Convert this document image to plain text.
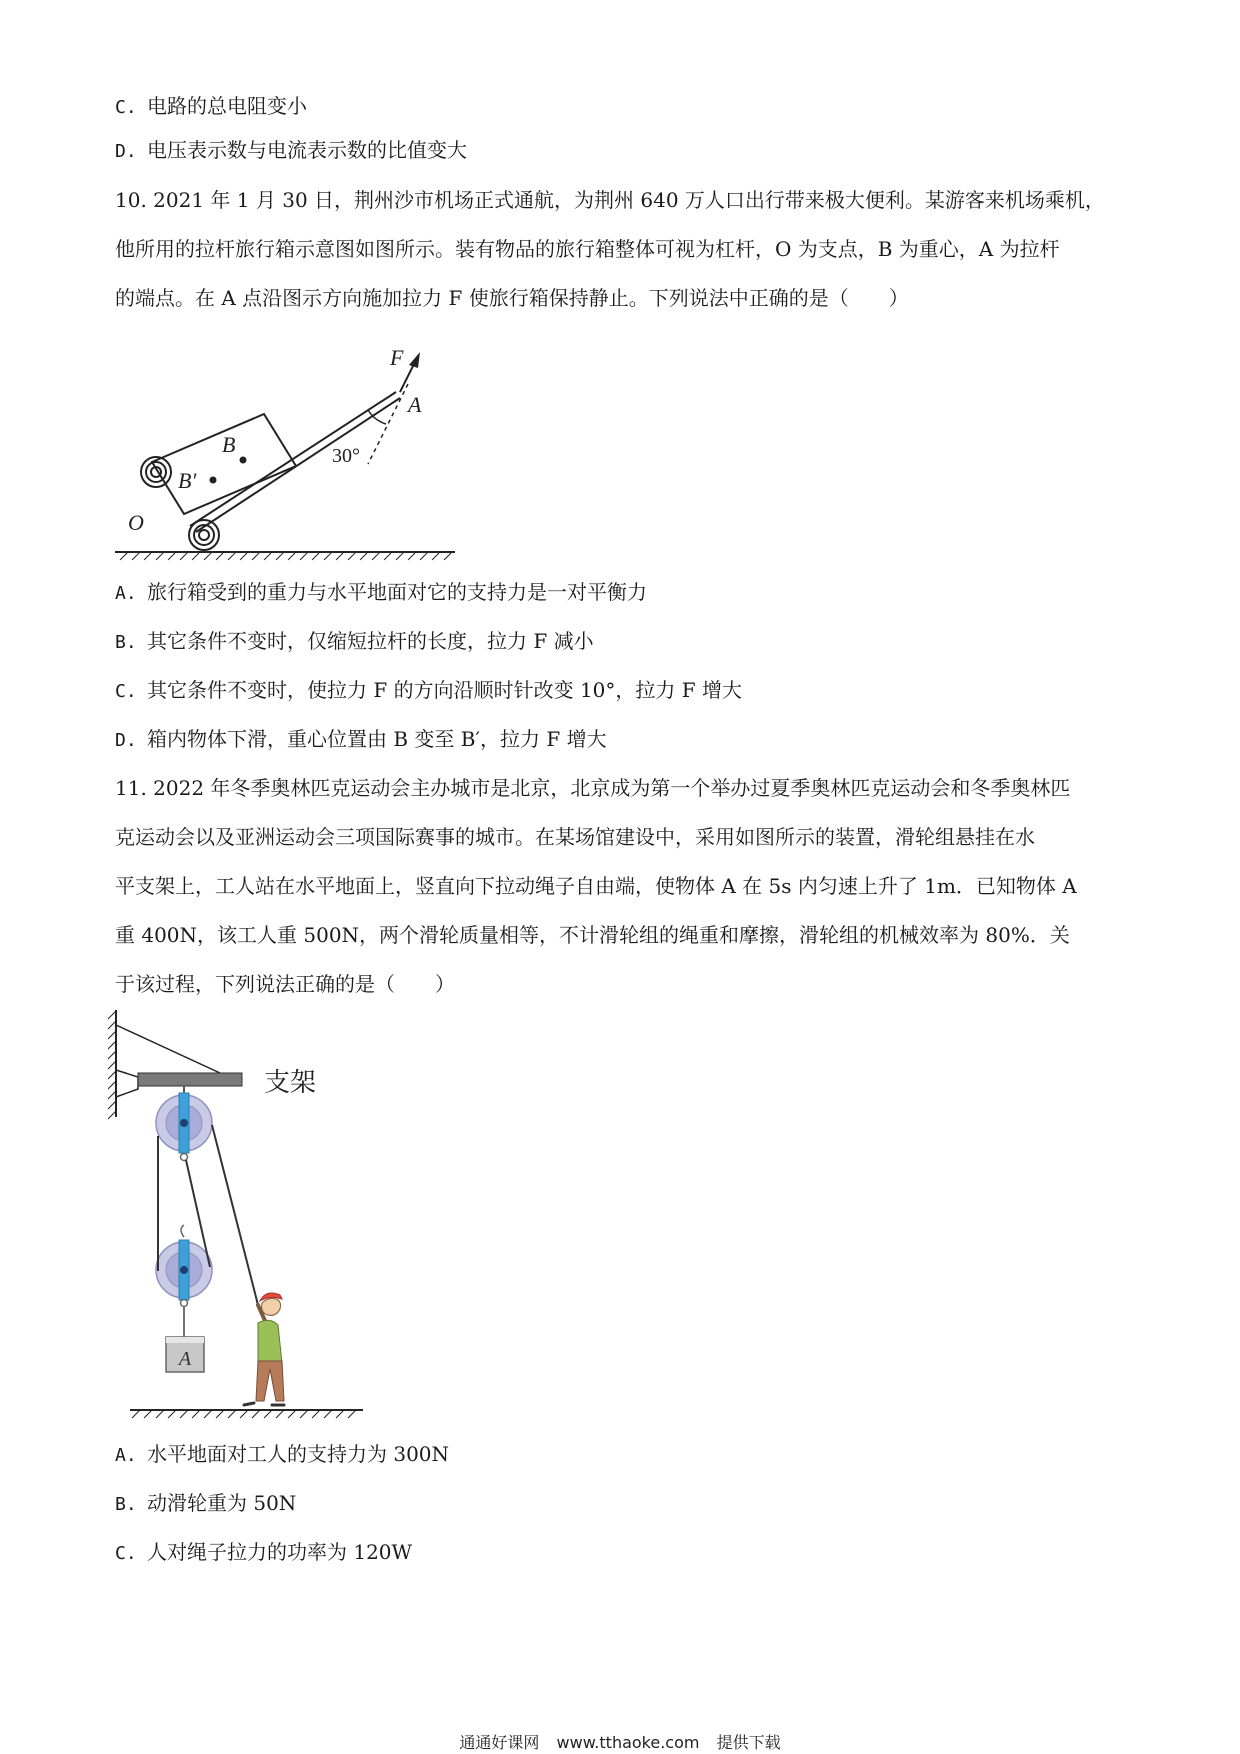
C. 电路的总电阻变小
D. 电压表示数与电流表示数的比值变大

10. 2021 年 1 月 30 日，荆州沙市机场正式通航，为荆州 640 万人口出行带来极大便利。某游客来机场乘机，

他所用的拉杆旅行箱示意图如图所示。装有物品的旅行箱整体可视为杠杆，O 为支点，B 为重心，A 为拉杆

的端点。在 A 点沿图示方向施加拉力 F 使旅行箱保持静止。下列说法中正确的是（　　）

F
A
B
B′
O
30°
A. 旅行箱受到的重力与水平地面对它的支持力是一对平衡力
B. 其它条件不变时，仅缩短拉杆的长度，拉力 F 减小
C. 其它条件不变时，使拉力 F 的方向沿顺时针改变 10°，拉力 F 增大
D. 箱内物体下滑，重心位置由 B 变至 B′，拉力 F 增大

11. 2022 年冬季奥林匹克运动会主办城市是北京，北京成为第一个举办过夏季奥林匹克运动会和冬季奥林匹

克运动会以及亚洲运动会三项国际赛事的城市。在某场馆建设中，采用如图所示的装置，滑轮组悬挂在水

平支架上，工人站在水平地面上，竖直向下拉动绳子自由端，使物体 A 在 5s 内匀速上升了 1m．已知物体 A

重 400N，该工人重 500N，两个滑轮质量相等，不计滑轮组的绳重和摩擦，滑轮组的机械效率为 80%．关

于该过程，下列说法正确的是（　　）

支架
A
A. 水平地面对工人的支持力为 300N
B. 动滑轮重为 50N
C. 人对绳子拉力的功率为 120W
通通好课网 www.tthaoke.com 提供下载
